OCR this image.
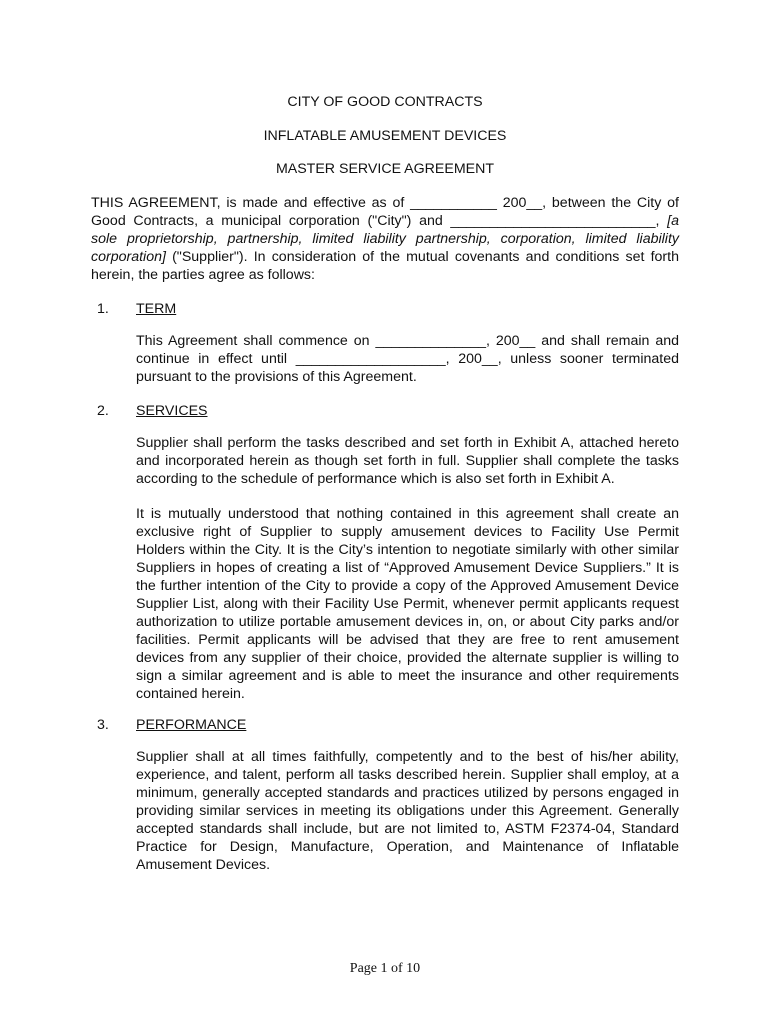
CITY OF GOOD CONTRACTS

INFLATABLE AMUSEMENT DEVICES

MASTER SERVICE AGREEMENT

THIS AGREEMENT, is made and effective as of ___________ 200__, between the City of Good Contracts, a municipal corporation ("City") and __________________________, [a sole proprietorship, partnership, limited liability partnership, corporation, limited liability corporation] ("Supplier"). In consideration of the mutual covenants and conditions set forth herein, the parties agree as follows:

1.	TERM

This Agreement shall commence on ______________, 200__ and shall remain and continue in effect until ___________________, 200__, unless sooner terminated pursuant to the provisions of this Agreement.

2.	SERVICES

Supplier shall perform the tasks described and set forth in Exhibit A, attached hereto and incorporated herein as though set forth in full. Supplier shall complete the tasks according to the schedule of performance which is also set forth in Exhibit A.

It is mutually understood that nothing contained in this agreement shall create an exclusive right of Supplier to supply amusement devices to Facility Use Permit Holders within the City. It is the City’s intention to negotiate similarly with other similar Suppliers in hopes of creating a list of “Approved Amusement Device Suppliers.” It is the further intention of the City to provide a copy of the Approved Amusement Device Supplier List, along with their Facility Use Permit, whenever permit applicants request authorization to utilize portable amusement devices in, on, or about City parks and/or facilities. Permit applicants will be advised that they are free to rent amusement devices from any supplier of their choice, provided the alternate supplier is willing to sign a similar agreement and is able to meet the insurance and other requirements contained herein.

3.	PERFORMANCE

Supplier shall at all times faithfully, competently and to the best of his/her ability, experience, and talent, perform all tasks described herein. Supplier shall employ, at a minimum, generally accepted standards and practices utilized by persons engaged in providing similar services in meeting its obligations under this Agreement. Generally accepted standards shall include, but are not limited to, ASTM F2374-04, Standard Practice for Design, Manufacture, Operation, and Maintenance of Inflatable Amusement Devices.

Page 1 of 10
